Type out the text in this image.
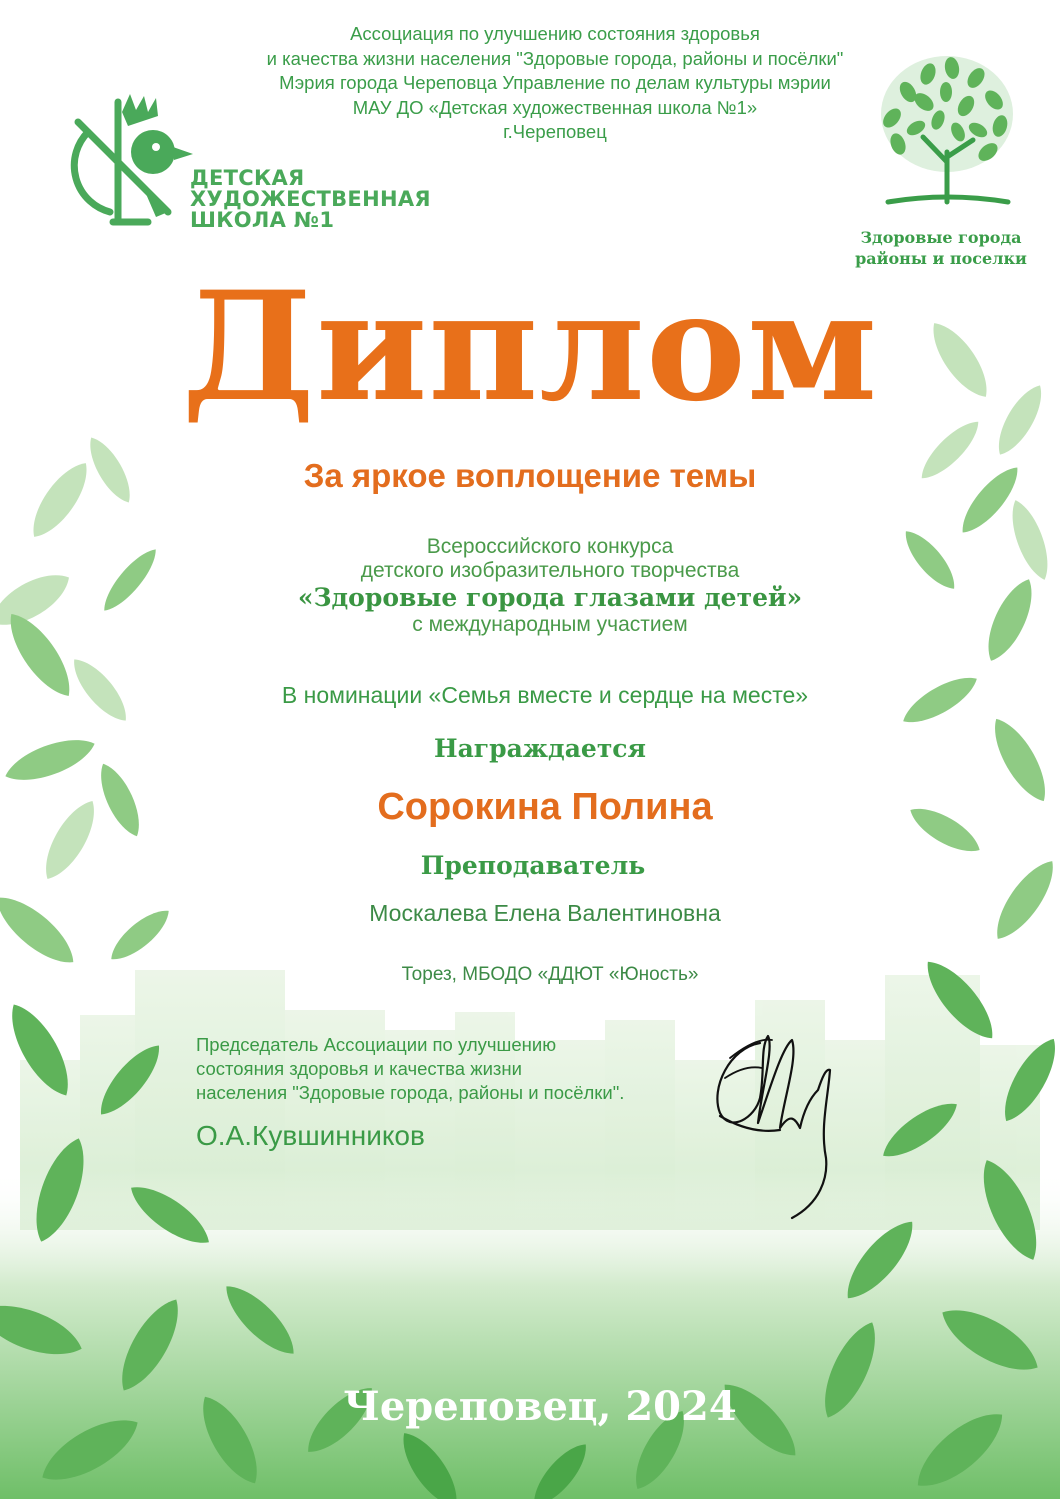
Ассоциация по улучшению состояния здоровья
и качества жизни населения "Здоровые города, районы и посёлки"
Мэрия города Череповца Управление по делам культуры мэрии
МАУ ДО «Детская художественная школа №1»
г.Череповец
ДЕТСКАЯ
ХУДОЖЕСТВЕННАЯ
ШКОЛА №1
Здоровые города
районы и поселки
Диплом
За яркое воплощение темы
Всероссийского конкурса
детского изобразительного творчества
«Здоровые города глазами детей»
с международным участием
В номинации «Семья вместе и сердце на месте»
Награждается
Сорокина Полина
Преподаватель
Москалева Елена Валентиновна
Торез, МБОДО «ДДЮТ «Юность»
Председатель Ассоциации по улучшению
состояния здоровья и качества жизни
населения "Здоровые города, районы и посёлки".
О.А.Кувшинников
Череповец, 2024
